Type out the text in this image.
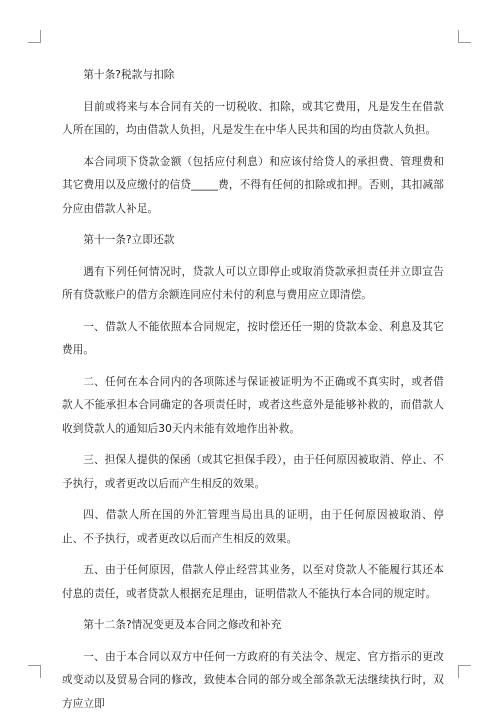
第十条?税款与扣除

目前或将来与本合同有关的一切税收、扣除，或其它费用，凡是发生在借款人所在国的，均由借款人负担，凡是发生在中华人民共和国的均由贷款人负担。

本合同项下贷款金额（包括应付利息）和应该付给贷人的承担费、管理费和其它费用以及应缴付的信贷_____费，不得有任何的扣除或扣押。否则，其扣减部分应由借款人补足。

第十一条?立即还款

遇有下列任何情况时，贷款人可以立即停止或取消贷款承担责任并立即宣告所有贷款账户的借方余额连同应付未付的利息与费用应立即清偿。

一、借款人不能依照本合同规定，按时偿还任一期的贷款本金、利息及其它费用。

二、任何在本合同内的各项陈述与保证被证明为不正确或不真实时，或者借款人不能承担本合同确定的各项责任时，或者这些意外是能够补救的，而借款人收到贷款人的通知后30天内未能有效地作出补救。

三、担保人提供的保函（或其它担保手段），由于任何原因被取消、停止、不予执行，或者更改以后而产生相反的效果。

四、借款人所在国的外汇管理当局出具的证明，由于任何原因被取消、停止、不予执行，或者更改以后而产生相反的效果。

五、由于任何原因，借款人停止经营其业务，以至对贷款人不能履行其还本付息的责任，或者贷款人根据充足理由，证明借款人不能执行本合同的规定时。

第十二条?情况变更及本合同之修改和补充

一、由于本合同以双方中任何一方政府的有关法令、规定、官方指示的更改或变动以及贸易合同的修改，致使本合同的部分或全部条款无法继续执行时，双方应立即
